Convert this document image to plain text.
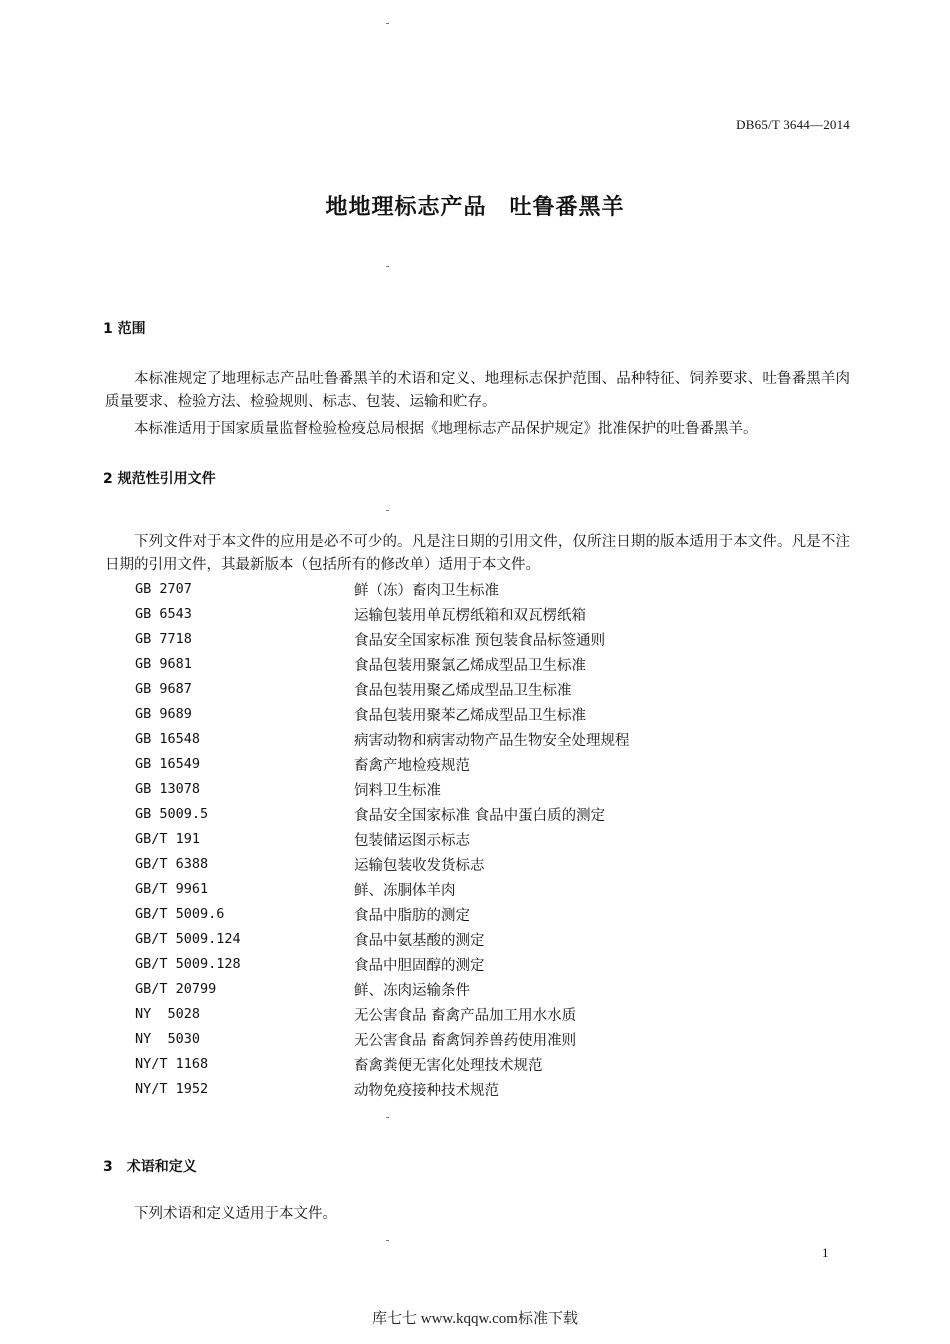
DB65/T 3644—2014
地地理标志产品　吐鲁番黑羊
1 范围

本标准规定了地理标志产品吐鲁番黑羊的术语和定义、地理标志保护范围、品种特征、饲养要求、吐鲁番黑羊肉质量要求、检验方法、检验规则、标志、包装、运输和贮存。

本标准适用于国家质量监督检验检疫总局根据《地理标志产品保护规定》批准保护的吐鲁番黑羊。

2 规范性引用文件

下列文件对于本文件的应用是必不可少的。凡是注日期的引用文件，仅所注日期的版本适用于本文件。凡是不注日期的引用文件，其最新版本（包括所有的修改单）适用于本文件。

GB 2707	鲜（冻）畜肉卫生标准
GB 6543	运输包装用单瓦楞纸箱和双瓦楞纸箱
GB 7718	食品安全国家标准 预包装食品标签通则
GB 9681	食品包装用聚氯乙烯成型品卫生标准
GB 9687	食品包装用聚乙烯成型品卫生标准
GB 9689	食品包装用聚苯乙烯成型品卫生标准
GB 16548	病害动物和病害动物产品生物安全处理规程
GB 16549	畜禽产地检疫规范
GB 13078	饲料卫生标准
GB 5009.5	食品安全国家标准 食品中蛋白质的测定
GB/T 191	包装储运图示标志
GB/T 6388	运输包装收发货标志
GB/T 9961	鲜、冻胴体羊肉
GB/T 5009.6	食品中脂肪的测定
GB/T 5009.124	食品中氨基酸的测定
GB/T 5009.128	食品中胆固醇的测定
GB/T 20799	鲜、冻肉运输条件
NY  5028	无公害食品 畜禽产品加工用水水质
NY  5030	无公害食品 畜禽饲养兽药使用准则
NY/T 1168	畜禽粪便无害化处理技术规范
NY/T 1952	动物免疫接种技术规范
3　术语和定义

下列术语和定义适用于本文件。

1
库七七 www.kqqw.com标准下载
